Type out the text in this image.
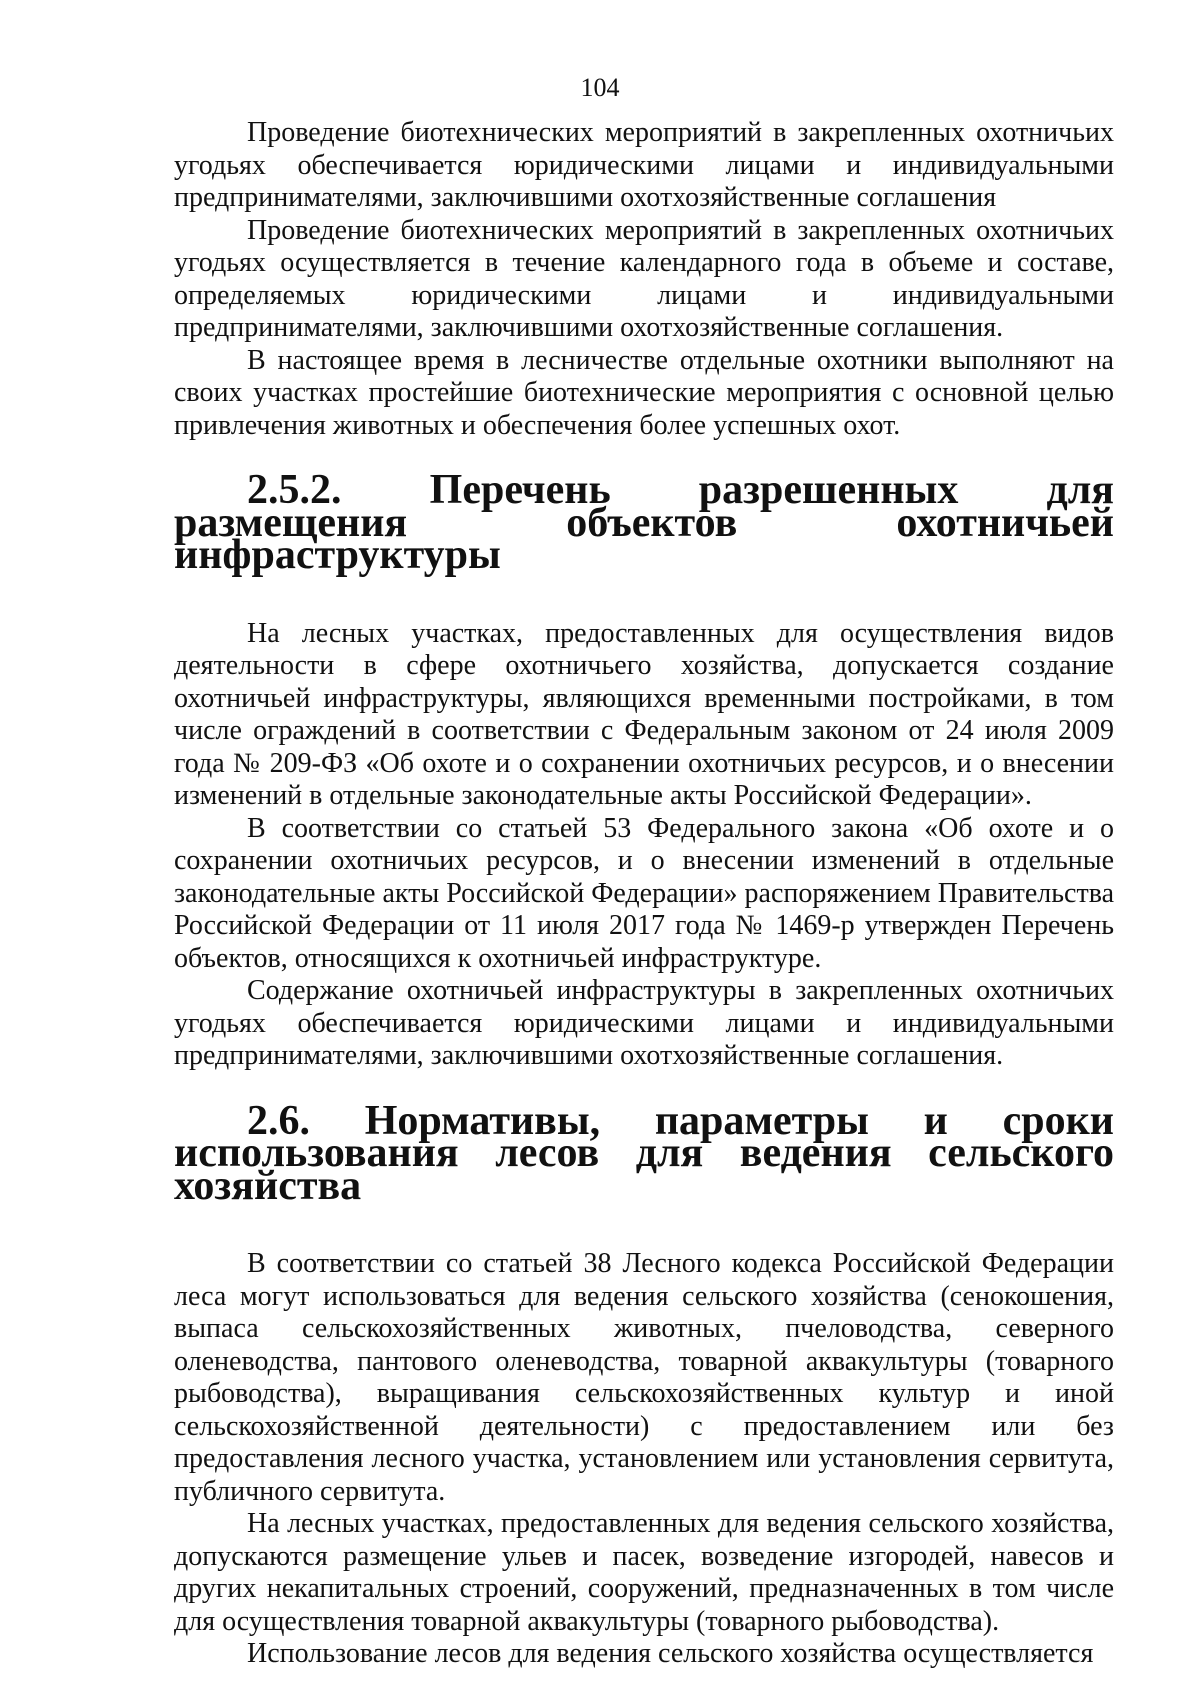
104

Проведение биотехнических мероприятий в закрепленных охотничьих угодьях обеспечивается юридическими лицами и индивидуальными предпринимателями, заключившими охотхозяйственные соглашения

Проведение биотехнических мероприятий в закрепленных охотничьих угодьях осуществляется в течение календарного года в объеме и составе, определяемых юридическими лицами и индивидуальными предпринимателями, заключившими охотхозяйственные соглашения.

В настоящее время в лесничестве отдельные охотники выполняют на своих участках простейшие биотехнические мероприятия с основной целью привлечения животных и обеспечения более успешных охот.

2.5.2. Перечень разрешенных для размещения объектов охотничьей инфраструктуры

На лесных участках, предоставленных для осуществления видов деятельности в сфере охотничьего хозяйства, допускается создание охотничьей инфраструктуры, являющихся временными постройками, в том числе ограждений в соответствии с Федеральным законом от 24 июля 2009 года № 209-ФЗ «Об охоте и о сохранении охотничьих ресурсов, и о внесении изменений в отдельные законодательные акты Российской Федерации».

В соответствии со статьей 53 Федерального закона «Об охоте и о сохранении охотничьих ресурсов, и о внесении изменений в отдельные законодательные акты Российской Федерации» распоряжением Правительства Российской Федерации от 11 июля 2017 года № 1469-р утвержден Перечень объектов, относящихся к охотничьей инфраструктуре.

Содержание охотничьей инфраструктуры в закрепленных охотничьих угодьях обеспечивается юридическими лицами и индивидуальными предпринимателями, заключившими охотхозяйственные соглашения.

2.6. Нормативы, параметры и сроки использования лесов для ведения сельского хозяйства

В соответствии со статьей 38 Лесного кодекса Российской Федерации леса могут использоваться для ведения сельского хозяйства (сенокошения, выпаса сельскохозяйственных животных, пчеловодства, северного оленеводства, пантового оленеводства, товарной аквакультуры (товарного рыбоводства), выращивания сельскохозяйственных культур и иной сельскохозяйственной деятельности) с предоставлением или без предоставления лесного участка, установлением или установления сервитута, публичного сервитута.

На лесных участках, предоставленных для ведения сельского хозяйства, допускаются размещение ульев и пасек, возведение изгородей, навесов и других некапитальных строений, сооружений, предназначенных в том числе для осуществления товарной аквакультуры (товарного рыбоводства).

Использование лесов для ведения сельского хозяйства осуществляется
